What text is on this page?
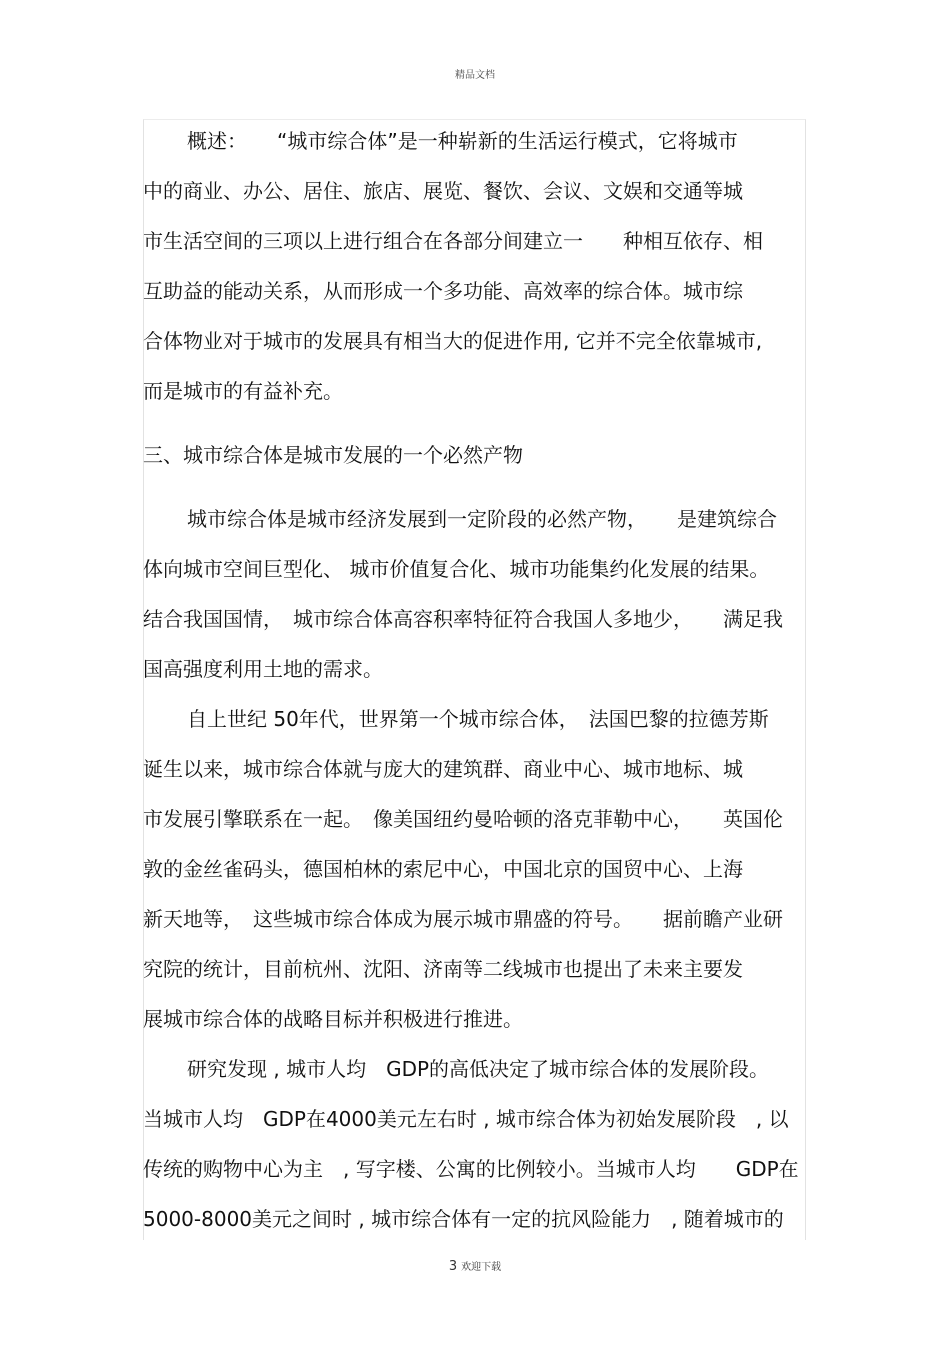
精品文档
概述：　　“城市综合体”是一种崭新的生活运行模式，它将城市
中的商业、办公、居住、旅店、展览、餐饮、会议、文娱和交通等城
市生活空间的三项以上进行组合在各部分间建立一　　种相互依存、相
互助益的能动关系，从而形成一个多功能、高效率的综合体。城市综
合体物业对于城市的发展具有相当大的促进作用, 它并不完全依靠城市,
而是城市的有益补充。
三、城市综合体是城市发展的一个必然产物
城市综合体是城市经济发展到一定阶段的必然产物，　　是建筑综合
体向城市空间巨型化、 城市价值复合化、城市功能集约化发展的结果。
结合我国国情，　城市综合体高容积率特征符合我国人多地少，　　满足我
国高强度利用土地的需求。
自上世纪 50年代，世界第一个城市综合体，　法国巴黎的拉德芳斯
诞生以来，城市综合体就与庞大的建筑群、商业中心、城市地标、城
市发展引擎联系在一起。　像美国纽约曼哈顿的洛克菲勒中心，　　英国伦
敦的金丝雀码头，德国柏林的索尼中心，中国北京的国贸中心、上海
新天地等，　这些城市综合体成为展示城市鼎盛的符号。　　据前瞻产业研
究院的统计，目前杭州、沈阳、济南等二线城市也提出了未来主要发
展城市综合体的战略目标并积极进行推进。
研究发现 , 城市人均　GDP的高低决定了城市综合体的发展阶段。
当城市人均　GDP在4000美元左右时 , 城市综合体为初始发展阶段　, 以
传统的购物中心为主　, 写字楼、公寓的比例较小。当城市人均　　GDP在
5000-8000美元之间时 , 城市综合体有一定的抗风险能力　, 随着城市的
3 欢迎下载
